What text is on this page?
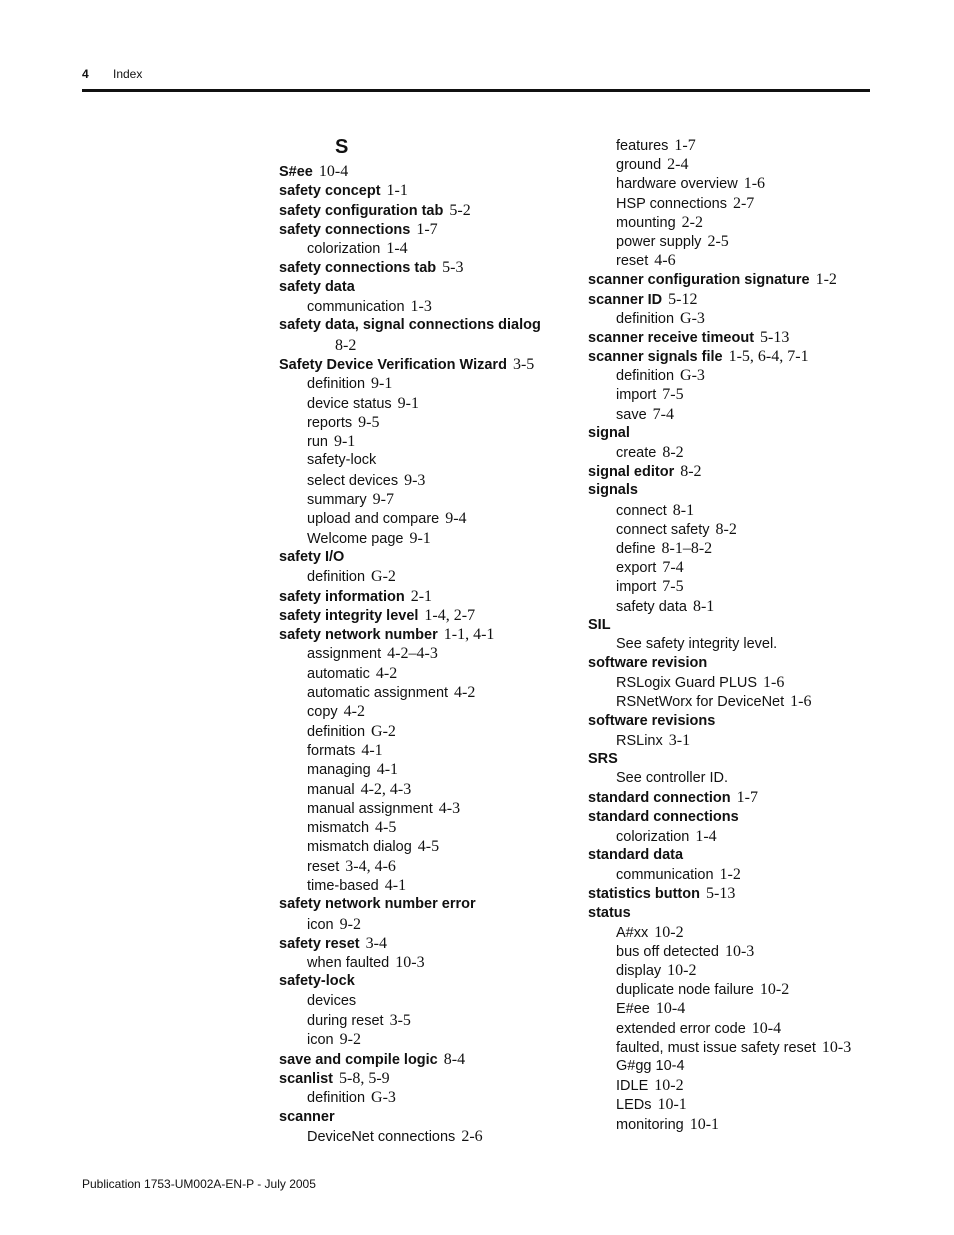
4 Index
S
S#ee 10-4
safety concept 1-1
safety configuration tab 5-2
safety connections 1-7
colorization 1-4
safety connections tab 5-3
safety data
communication 1-3
safety data, signal connections dialog
8-2
Safety Device Verification Wizard 3-5
definition 9-1
device status 9-1
reports 9-5
run 9-1
safety-lock
select devices 9-3
summary 9-7
upload and compare 9-4
Welcome page 9-1
safety I/O
definition G-2
safety information 2-1
safety integrity level 1-4, 2-7
safety network number 1-1, 4-1
assignment 4-2–4-3
automatic 4-2
automatic assignment 4-2
copy 4-2
definition G-2
formats 4-1
managing 4-1
manual 4-2, 4-3
manual assignment 4-3
mismatch 4-5
mismatch dialog 4-5
reset 3-4, 4-6
time-based 4-1
safety network number error
icon 9-2
safety reset 3-4
when faulted 10-3
safety-lock
devices
during reset 3-5
icon 9-2
save and compile logic 8-4
scanlist 5-8, 5-9
definition G-3
scanner
DeviceNet connections 2-6
features 1-7
ground 2-4
hardware overview 1-6
HSP connections 2-7
mounting 2-2
power supply 2-5
reset 4-6
scanner configuration signature 1-2
scanner ID 5-12
definition G-3
scanner receive timeout 5-13
scanner signals file 1-5, 6-4, 7-1
definition G-3
import 7-5
save 7-4
signal
create 8-2
signal editor 8-2
signals
connect 8-1
connect safety 8-2
define 8-1–8-2
export 7-4
import 7-5
safety data 8-1
SIL
See safety integrity level.
software revision
RSLogix Guard PLUS 1-6
RSNetWorx for DeviceNet 1-6
software revisions
RSLinx 3-1
SRS
See controller ID.
standard connection 1-7
standard connections
colorization 1-4
standard data
communication 1-2
statistics button 5-13
status
A#xx 10-2
bus off detected 10-3
display 10-2
duplicate node failure 10-2
E#ee 10-4
extended error code 10-4
faulted, must issue safety reset 10-3
G#gg 10-4
IDLE 10-2
LEDs 10-1
monitoring 10-1
Publication 1753-UM002A-EN-P - July 2005
